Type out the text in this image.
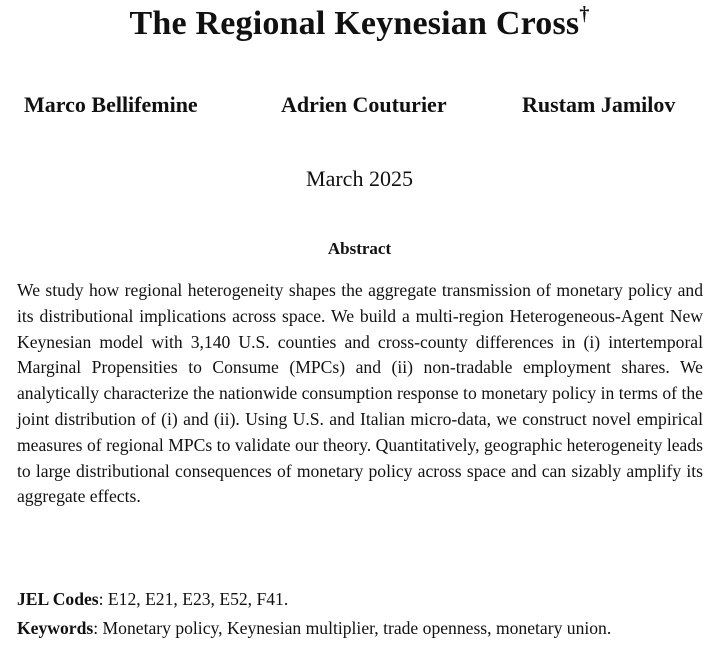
The Regional Keynesian Cross†
Marco Bellifemine	Adrien Couturier	Rustam Jamilov
March 2025
Abstract
We study how regional heterogeneity shapes the aggregate transmission of monetary policy and its distributional implications across space. We build a multi-region Heterogeneous-Agent New Keynesian model with 3,140 U.S. counties and cross-county differences in (i) intertemporal Marginal Propensities to Consume (MPCs) and (ii) non-tradable employment shares. We analytically characterize the nationwide consumption response to monetary policy in terms of the joint distribution of (i) and (ii). Using U.S. and Italian micro-data, we construct novel empirical measures of regional MPCs to validate our theory. Quantitatively, geographic heterogeneity leads to large distributional consequences of monetary policy across space and can sizably amplify its aggregate effects.
JEL Codes: E12, E21, E23, E52, F41.
Keywords: Monetary policy, Keynesian multiplier, trade openness, monetary union.
